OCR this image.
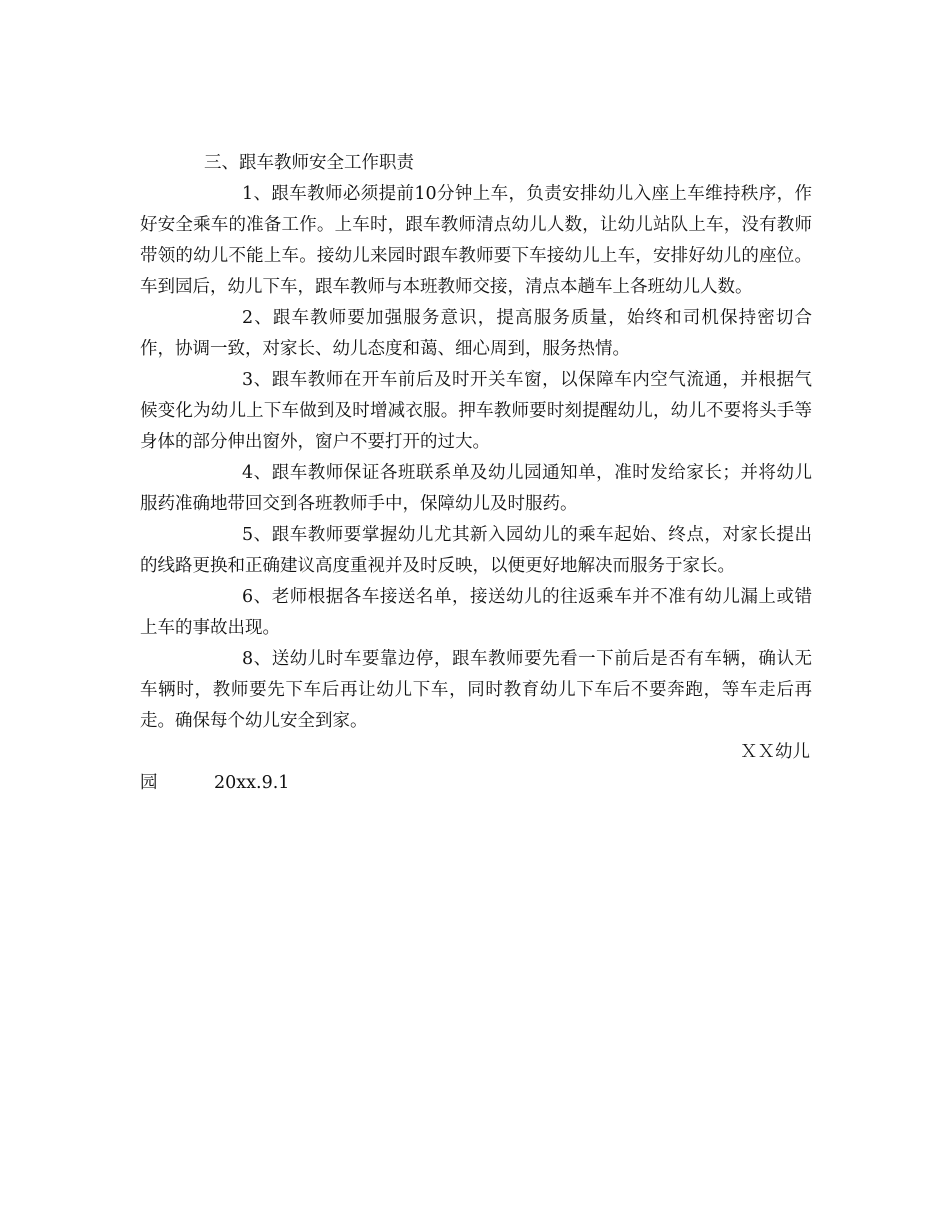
三、跟车教师安全工作职责

1、跟车教师必须提前10分钟上车，负责安排幼儿入座上车维持秩序，作好安全乘车的准备工作。上车时，跟车教师清点幼儿人数，让幼儿站队上车，没有教师带领的幼儿不能上车。接幼儿来园时跟车教师要下车接幼儿上车，安排好幼儿的座位。车到园后，幼儿下车，跟车教师与本班教师交接，清点本趟车上各班幼儿人数。

2、跟车教师要加强服务意识，提高服务质量，始终和司机保持密切合作，协调一致，对家长、幼儿态度和蔼、细心周到，服务热情。

3、跟车教师在开车前后及时开关车窗，以保障车内空气流通，并根据气候变化为幼儿上下车做到及时增减衣服。押车教师要时刻提醒幼儿，幼儿不要将头手等身体的部分伸出窗外，窗户不要打开的过大。

4、跟车教师保证各班联系单及幼儿园通知单，准时发给家长；并将幼儿服药准确地带回交到各班教师手中，保障幼儿及时服药。

5、跟车教师要掌握幼儿尤其新入园幼儿的乘车起始、终点，对家长提出的线路更换和正确建议高度重视并及时反映，以便更好地解决而服务于家长。

6、老师根据各车接送名单，接送幼儿的往返乘车并不准有幼儿漏上或错上车的事故出现。

8、送幼儿时车要靠边停，跟车教师要先看一下前后是否有车辆，确认无车辆时，教师要先下车后再让幼儿下车，同时教育幼儿下车后不要奔跑，等车走后再走。确保每个幼儿安全到家。

ＸＸ幼儿
园	20xx.9.1
